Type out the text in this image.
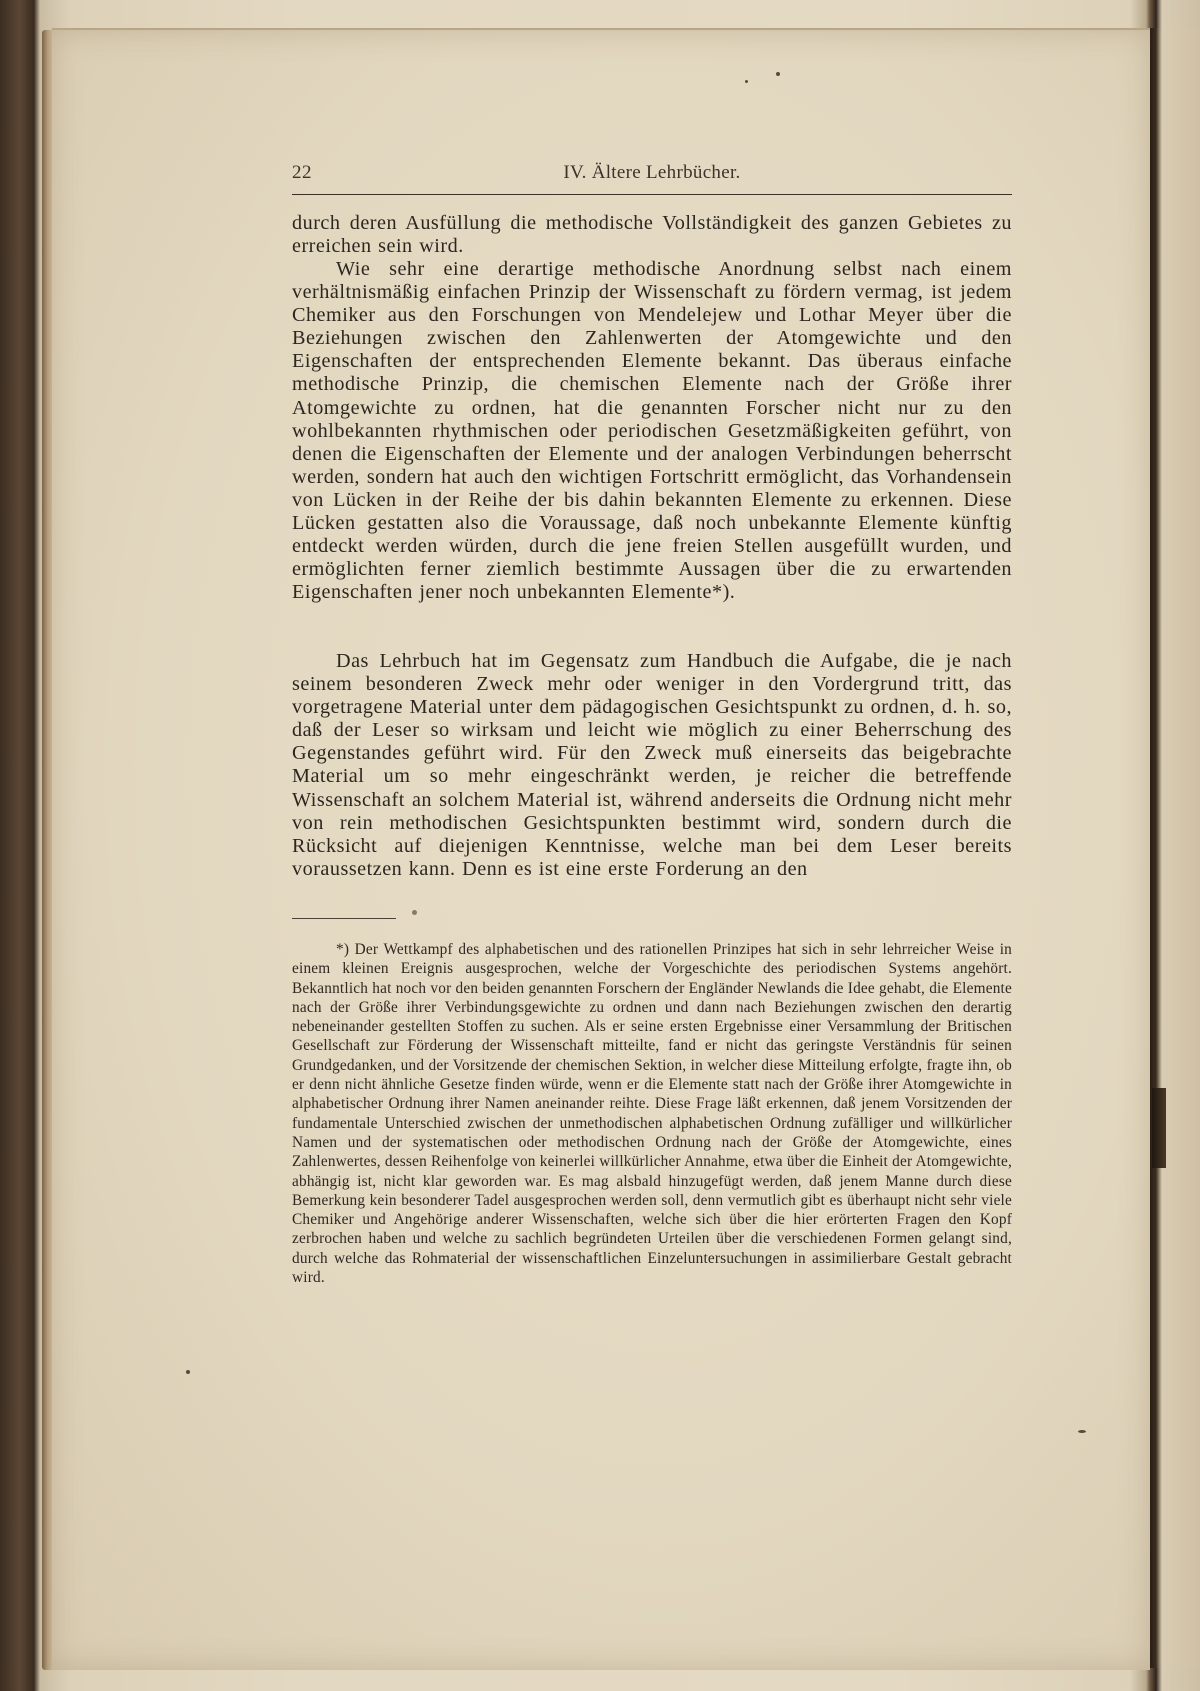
22	IV. Ältere Lehrbücher.

durch deren Ausfüllung die methodische Vollständigkeit des ganzen Gebietes zu erreichen sein wird.

Wie sehr eine derartige methodische Anordnung selbst nach einem verhältnismäßig einfachen Prinzip der Wissenschaft zu fördern vermag, ist jedem Chemiker aus den Forschungen von Mendelejew und Lothar Meyer über die Beziehungen zwischen den Zahlenwerten der Atomgewichte und den Eigenschaften der entsprechenden Elemente bekannt. Das überaus einfache methodische Prinzip, die chemischen Elemente nach der Größe ihrer Atomgewichte zu ordnen, hat die genannten Forscher nicht nur zu den wohlbekannten rhythmischen oder periodischen Gesetzmäßigkeiten geführt, von denen die Eigenschaften der Elemente und der analogen Verbindungen beherrscht werden, sondern hat auch den wichtigen Fortschritt ermöglicht, das Vorhandensein von Lücken in der Reihe der bis dahin bekannten Elemente zu erkennen. Diese Lücken gestatten also die Voraussage, daß noch unbekannte Elemente künftig entdeckt werden würden, durch die jene freien Stellen ausgefüllt wurden, und ermöglichten ferner ziemlich bestimmte Aussagen über die zu erwartenden Eigenschaften jener noch unbekannten Elemente*).

Das Lehrbuch hat im Gegensatz zum Handbuch die Aufgabe, die je nach seinem besonderen Zweck mehr oder weniger in den Vordergrund tritt, das vorgetragene Material unter dem pädagogischen Gesichtspunkt zu ordnen, d. h. so, daß der Leser so wirksam und leicht wie möglich zu einer Beherrschung des Gegenstandes geführt wird. Für den Zweck muß einerseits das beigebrachte Material um so mehr eingeschränkt werden, je reicher die betreffende Wissenschaft an solchem Material ist, während anderseits die Ordnung nicht mehr von rein methodischen Gesichtspunkten bestimmt wird, sondern durch die Rücksicht auf diejenigen Kenntnisse, welche man bei dem Leser bereits voraussetzen kann. Denn es ist eine erste Forderung an den

*) Der Wettkampf des alphabetischen und des rationellen Prinzipes hat sich in sehr lehrreicher Weise in einem kleinen Ereignis ausgesprochen, welche der Vorgeschichte des periodischen Systems angehört. Bekanntlich hat noch vor den beiden genannten Forschern der Engländer Newlands die Idee gehabt, die Elemente nach der Größe ihrer Verbindungsgewichte zu ordnen und dann nach Beziehungen zwischen den derartig nebeneinander gestellten Stoffen zu suchen. Als er seine ersten Ergebnisse einer Versammlung der Britischen Gesellschaft zur Förderung der Wissenschaft mitteilte, fand er nicht das geringste Verständnis für seinen Grundgedanken, und der Vorsitzende der chemischen Sektion, in welcher diese Mitteilung erfolgte, fragte ihn, ob er denn nicht ähnliche Gesetze finden würde, wenn er die Elemente statt nach der Größe ihrer Atomgewichte in alphabetischer Ordnung ihrer Namen aneinander reihte. Diese Frage läßt erkennen, daß jenem Vorsitzenden der fundamentale Unterschied zwischen der unmethodischen alphabetischen Ordnung zufälliger und willkürlicher Namen und der systematischen oder methodischen Ordnung nach der Größe der Atomgewichte, eines Zahlenwertes, dessen Reihenfolge von keinerlei willkürlicher Annahme, etwa über die Einheit der Atomgewichte, abhängig ist, nicht klar geworden war. Es mag alsbald hinzugefügt werden, daß jenem Manne durch diese Bemerkung kein besonderer Tadel ausgesprochen werden soll, denn vermutlich gibt es überhaupt nicht sehr viele Chemiker und Angehörige anderer Wissenschaften, welche sich über die hier erörterten Fragen den Kopf zerbrochen haben und welche zu sachlich begründeten Urteilen über die verschiedenen Formen gelangt sind, durch welche das Rohmaterial der wissenschaftlichen Einzeluntersuchungen in assimilierbare Gestalt gebracht wird.
